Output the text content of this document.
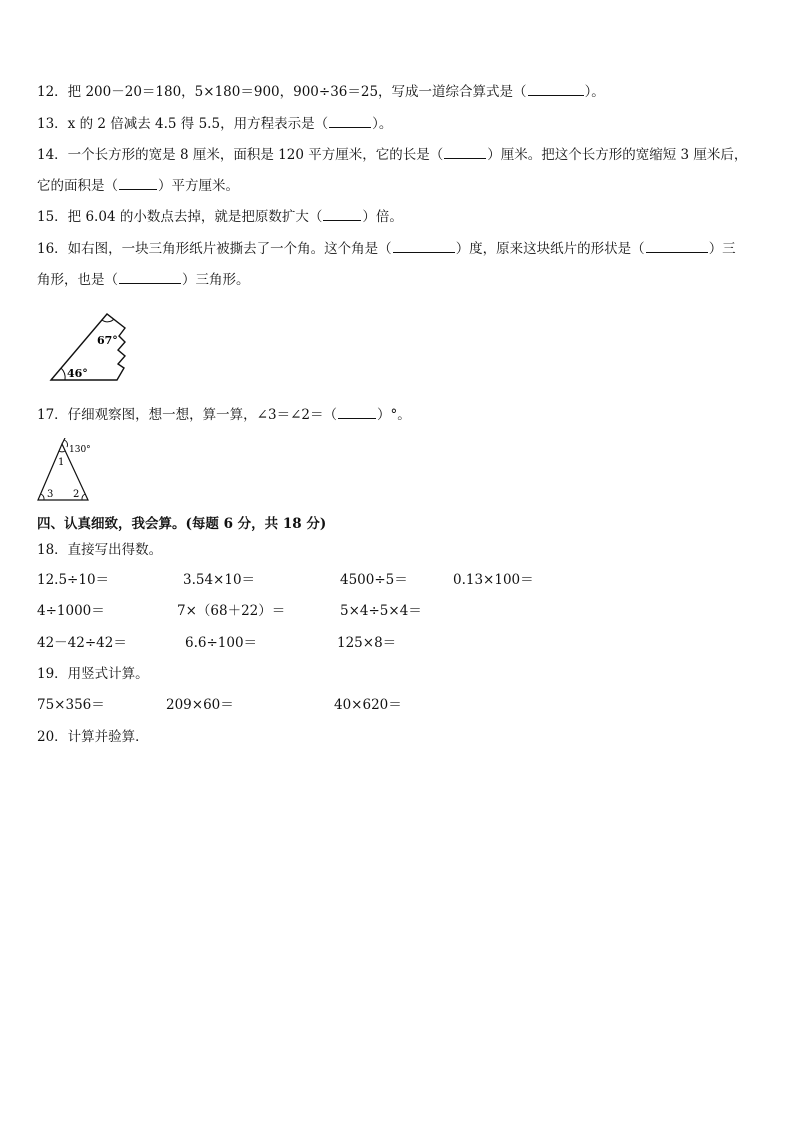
12．把 200－20＝180，5×180＝900，900÷36＝25，写成一道综合算式是（	）。
13．x 的 2 倍减去 4.5 得 5.5，用方程表示是（	）。
14．一个长方形的宽是 8 厘米，面积是 120 平方厘米，它的长是（	）厘米。把这个长方形的宽缩短 3 厘米后，
它的面积是（	）平方厘米。
15．把 6.04 的小数点去掉，就是把原数扩大（	）倍。
16．如右图，一块三角形纸片被撕去了一个角。这个角是（	）度，原来这块纸片的形状是（	）三
角形，也是（	）三角形。
46°
67°
17．仔细观察图，想一想，算一算，∠3＝∠2＝（	）°。
130°
1
3 2
四、认真细致，我会算。(每题 6 分，共 18 分)
18．直接写出得数。
12.5÷10＝	3.54×10＝	4500÷5＝	0.13×100＝
4÷1000＝	7×（68＋22）＝	5×4÷5×4＝
42－42÷42＝	6.6÷100＝	125×8＝
19．用竖式计算。
75×356＝	209×60＝	40×620＝
20．计算并验算．
